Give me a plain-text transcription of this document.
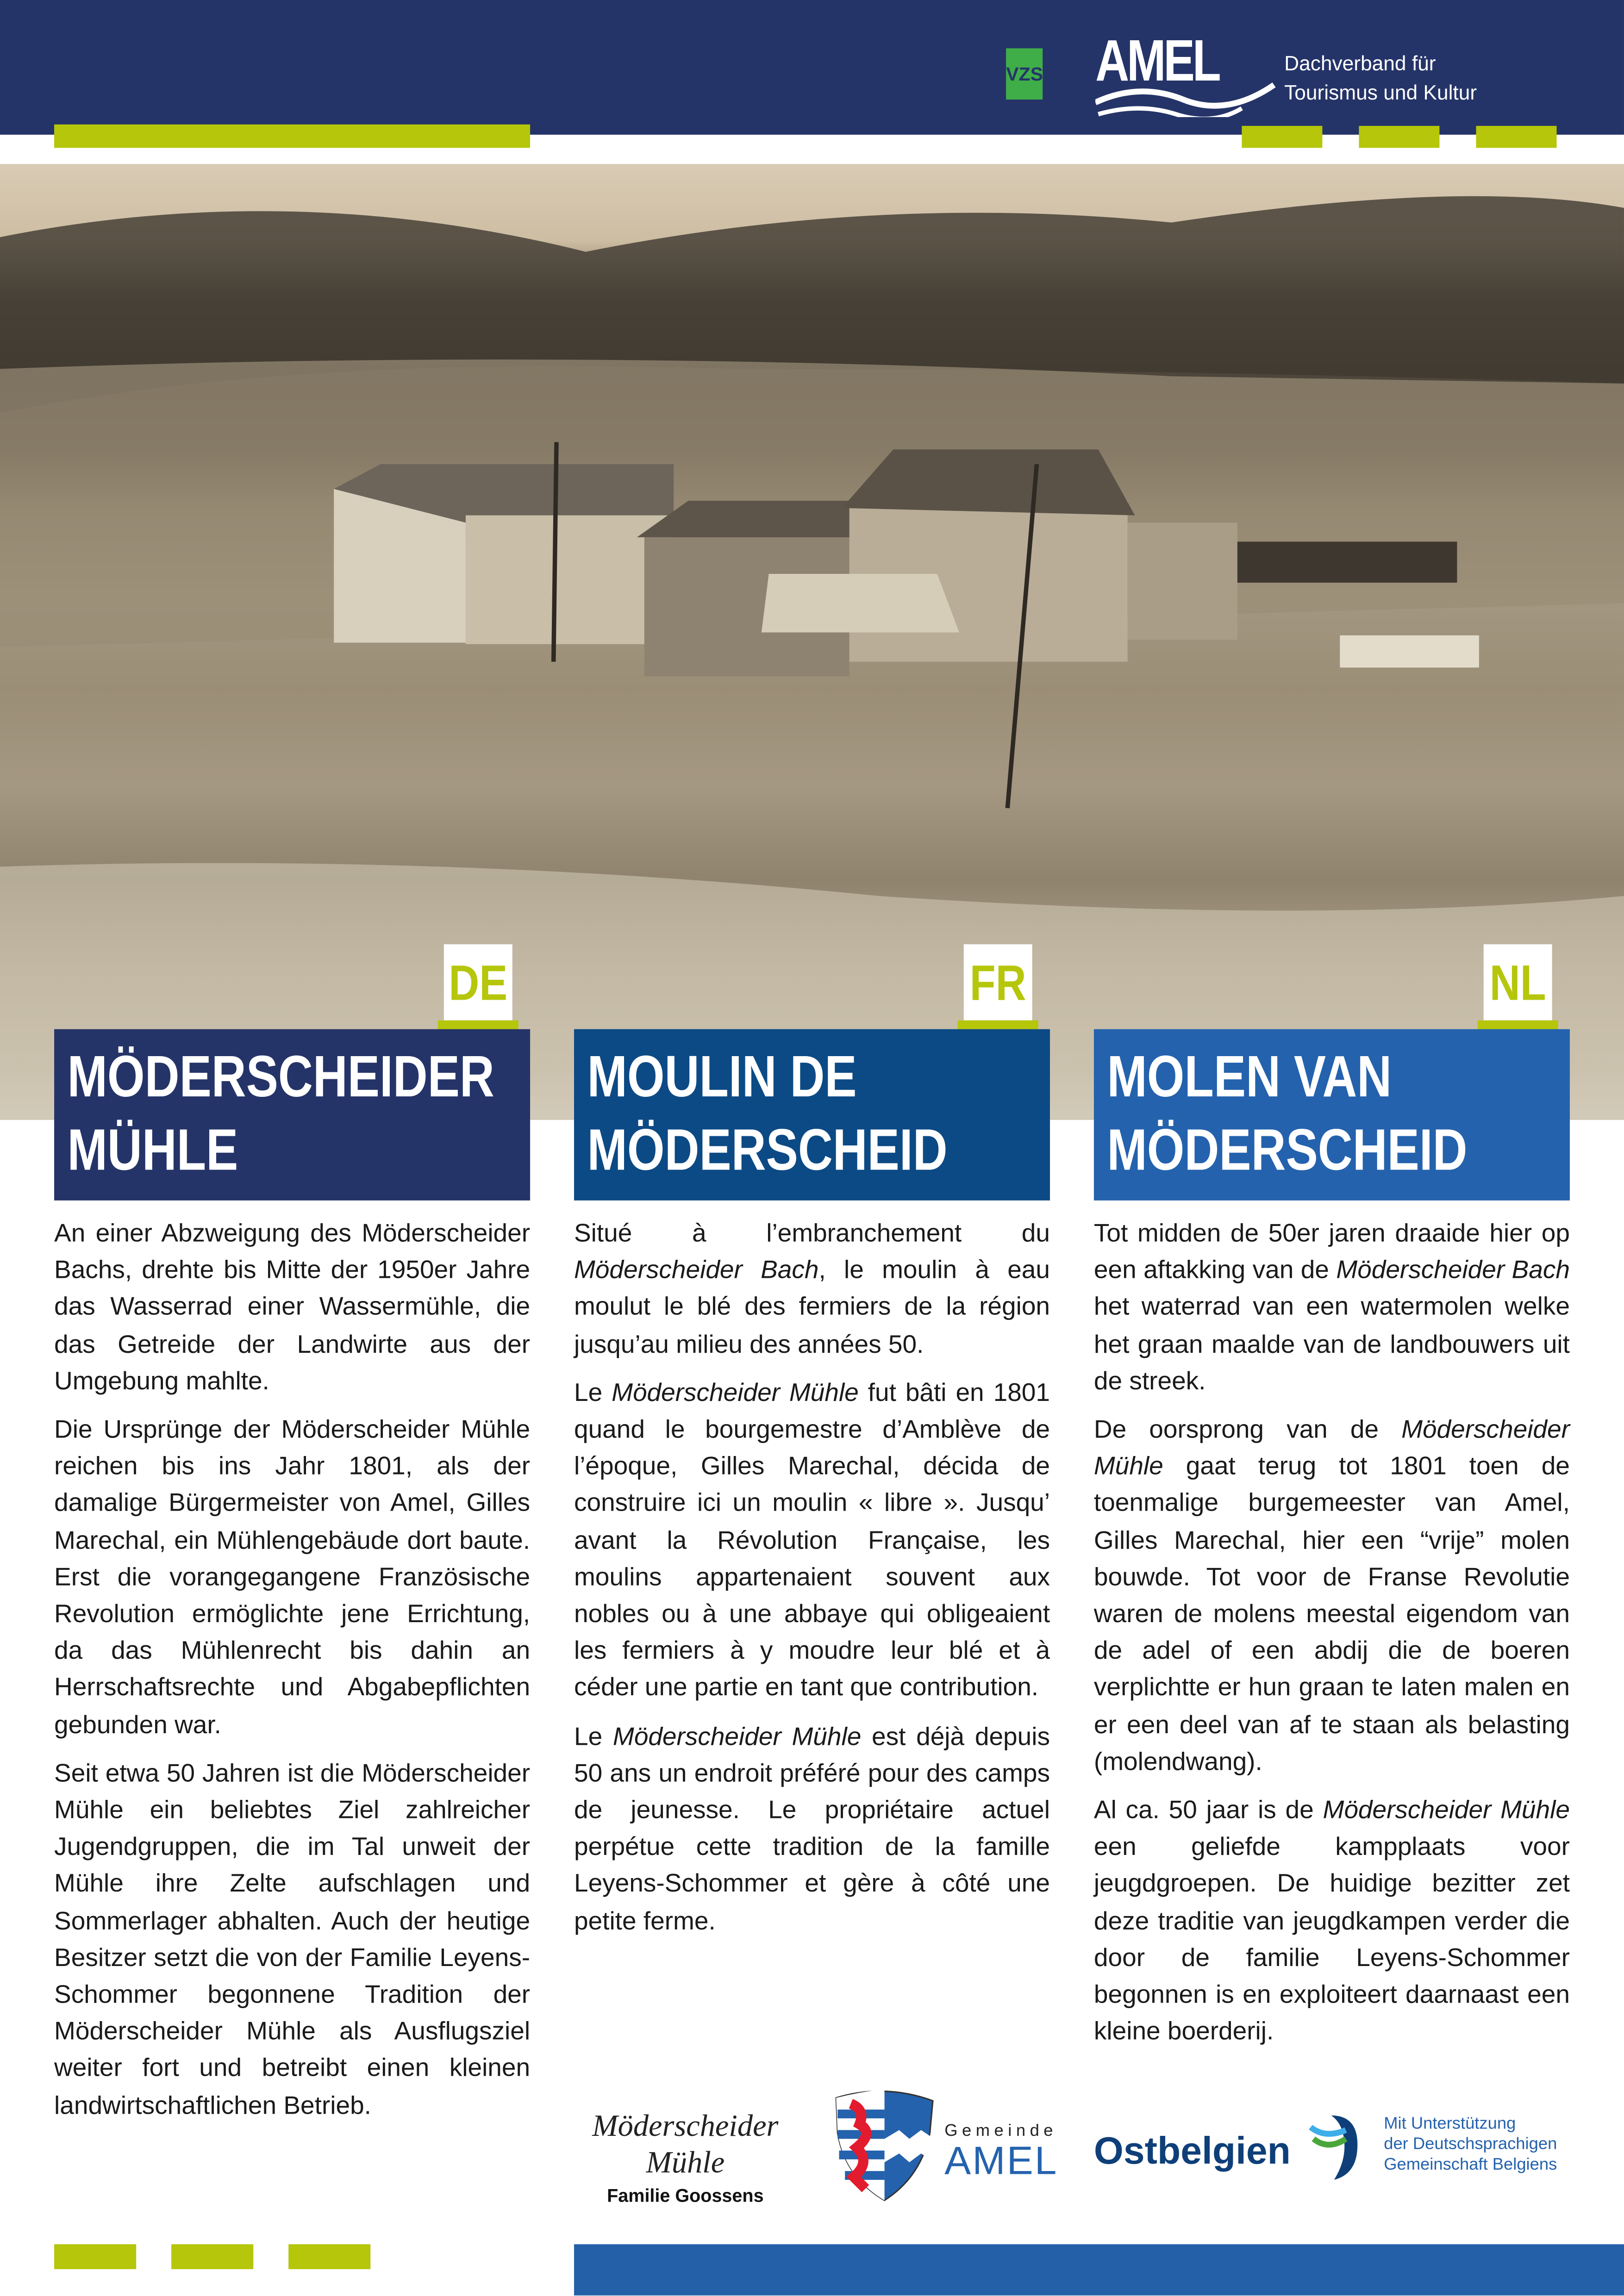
VZS	AMEL	Dachverband für
Tourismus und Kultur
DE
MÖDERSCHEIDER
MÜHLE

An einer Abzweigung des Möderscheider Bachs, drehte bis Mitte der 1950er Jahre das Wasserrad einer Wassermühle, die das Getreide der Landwirte aus der Umgebung mahlte.

Die Ursprünge der Möderscheider Mühle reichen bis ins Jahr 1801, als der damalige Bürgermeister von Amel, Gilles Marechal, ein Mühlengebäude dort baute. Erst die vorangegangene Französische Revolution ermöglichte jene Errichtung, da das Mühlenrecht bis dahin an Herrschaftsrechte und Abgabepflichten gebunden war.

Seit etwa 50 Jahren ist die Möderscheider Mühle ein beliebtes Ziel zahlreicher Jugendgruppen, die im Tal unweit der Mühle ihre Zelte aufschlagen und Sommerlager abhalten. Auch der heutige Besitzer setzt die von der Familie Leyens-Schommer begonnene Tradition der Möderscheider Mühle als Ausflugsziel weiter fort und betreibt einen kleinen landwirtschaftlichen Betrieb.

FR
MOULIN DE
MÖDERSCHEID

Situé à l’embranchement du Möderscheider Bach, le moulin à eau moulut le blé des fermiers de la région jusqu’au milieu des années 50.

Le Möderscheider Mühle fut bâti en 1801 quand le bourgemestre d’Amblève de l’époque, Gilles Marechal, décida de construire ici un moulin « libre ». Jusqu’ avant la Révolution Française, les moulins appartenaient souvent aux nobles ou à une abbaye qui obligeaient les fermiers à y moudre leur blé et à céder une partie en tant que contribution.

Le Möderscheider Mühle est déjà depuis 50 ans un endroit préféré pour des camps de jeunesse. Le propriétaire actuel perpétue cette tradition de la famille Leyens-Schommer et gère à côté une petite ferme.

NL
MOLEN VAN
MÖDERSCHEID

Tot midden de 50er jaren draaide hier op een aftakking van de Möderscheider Bach het waterrad van een watermolen welke het graan maalde van de landbouwers uit de streek.

De oorsprong van de Möderscheider Mühle gaat terug tot 1801 toen de toenmalige burgemeester van Amel, Gilles Marechal, hier een “vrije” molen bouwde. Tot voor de Franse Revolutie waren de molens meestal eigendom van de adel of een abdij die de boeren verplichtte er hun graan te laten malen en er een deel van af te staan als belasting (molendwang).

Al ca. 50 jaar is de Möderscheider Mühle een geliefde kampplaats voor jeugdgroepen. De huidige bezitter zet deze traditie van jeugdkampen verder die door de familie Leyens-Schommer begonnen is en exploiteert daarnaast een kleine boerderij.

Möderscheider Mühle
Familie Goossens
Gemeinde
AMEL	Ostbelgien
Mit Unterstützung
der Deutschsprachigen
Gemeinschaft Belgiens
